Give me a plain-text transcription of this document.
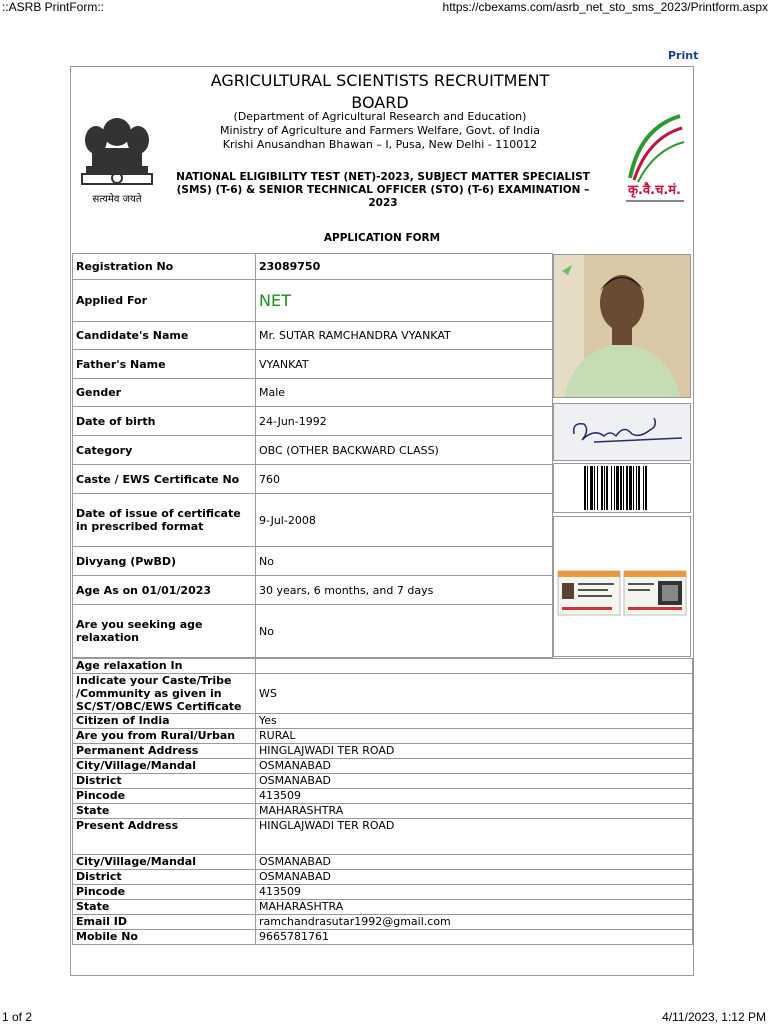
::ASRB PrintForm::	https://cbexams.com/asrb_net_sto_sms_2023/Printform.aspx
Print
सत्यमेव जयते
कृ.वै.च.मं.
AGRICULTURAL SCIENTISTS RECRUITMENT BOARD
(Department of Agricultural Research and Education)
Ministry of Agriculture and Farmers Welfare, Govt. of India
Krishi Anusandhan Bhawan – I, Pusa, New Delhi - 110012
NATIONAL ELIGIBILITY TEST (NET)-2023, SUBJECT MATTER SPECIALIST (SMS) (T-6) & SENIOR TECHNICAL OFFICER (STO) (T-6) EXAMINATION – 2023
APPLICATION FORM
Registration No	23089750
Applied For	NET
Candidate's Name	Mr. SUTAR RAMCHANDRA VYANKAT
Father's Name	VYANKAT
Gender	Male
Date of birth	24-Jun-1992
Category	OBC (OTHER BACKWARD CLASS)
Caste / EWS Certificate No	760
Date of issue of certificate in prescribed format	9-Jul-2008
Divyang (PwBD)	No
Age As on 01/01/2023	30 years, 6 months, and 7 days
Are you seeking age relaxation	No
Age relaxation In	
Indicate your Caste/Tribe /Community as given in SC/ST/OBC/EWS Certificate	WS
Citizen of India	Yes
Are you from Rural/Urban	RURAL
Permanent Address	HINGLAJWADI TER ROAD
City/Village/Mandal	OSMANABAD
District	OSMANABAD
Pincode	413509
State	MAHARASHTRA
Present Address	HINGLAJWADI TER ROAD
City/Village/Mandal	OSMANABAD
District	OSMANABAD
Pincode	413509
State	MAHARASHTRA
Email ID	ramchandrasutar1992@gmail.com
Mobile No	9665781761
1 of 2	4/11/2023, 1:12 PM
